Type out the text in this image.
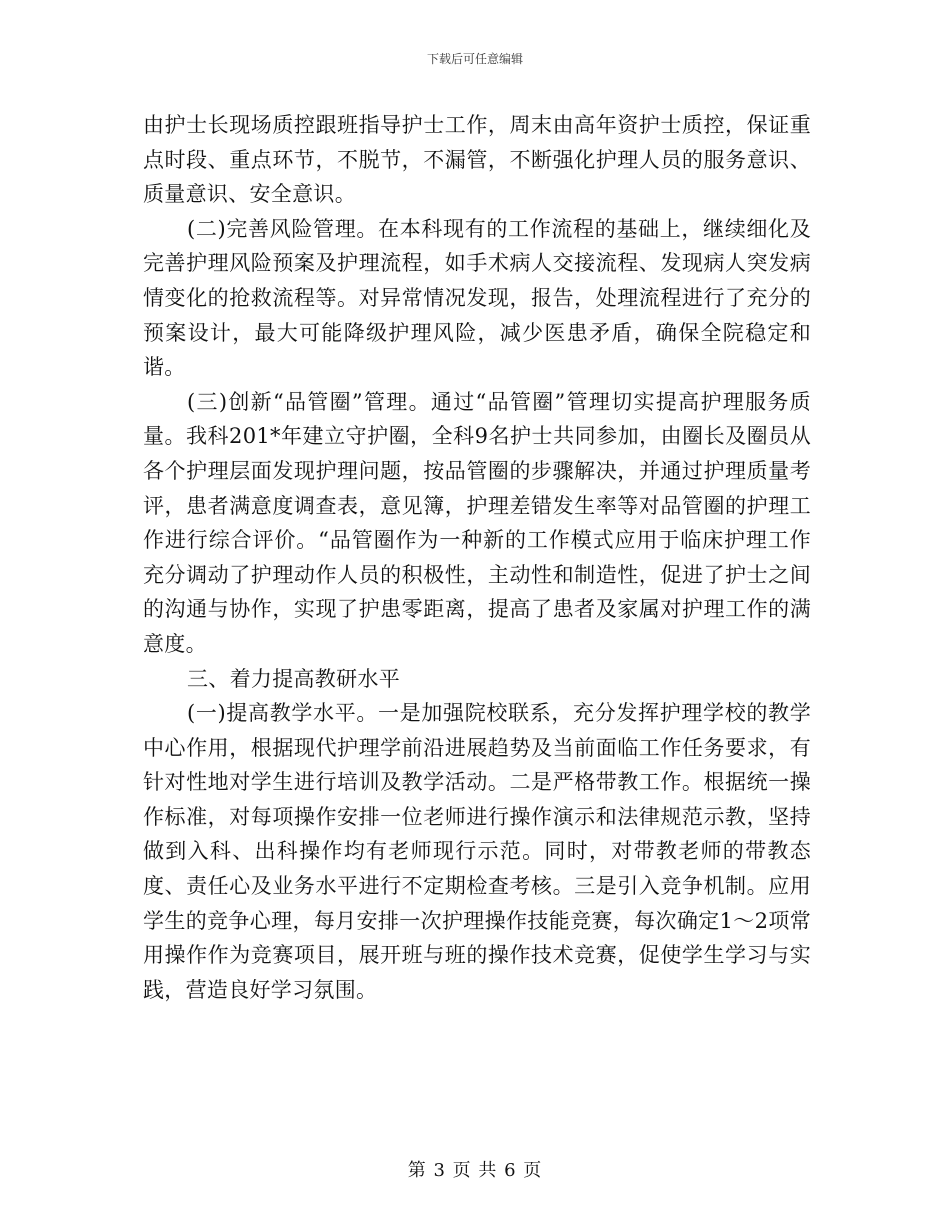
下载后可任意编辑

由护士长现场质控跟班指导护士工作，周末由高年资护士质控，保证重点时段、重点环节，不脱节，不漏管，不断强化护理人员的服务意识、质量意识、安全意识。

(二)完善风险管理。在本科现有的工作流程的基础上，继续细化及完善护理风险预案及护理流程，如手术病人交接流程、发现病人突发病情变化的抢救流程等。对异常情况发现，报告，处理流程进行了充分的预案设计，最大可能降级护理风险，减少医患矛盾，确保全院稳定和谐。

(三)创新“品管圈”管理。通过“品管圈”管理切实提高护理服务质量。我科201*年建立守护圈，全科9名护士共同参加，由圈长及圈员从各个护理层面发现护理问题，按品管圈的步骤解决，并通过护理质量考评，患者满意度调查表，意见簿，护理差错发生率等对品管圈的护理工作进行综合评价。“品管圈作为一种新的工作模式应用于临床护理工作充分调动了护理动作人员的积极性，主动性和制造性，促进了护士之间的沟通与协作，实现了护患零距离，提高了患者及家属对护理工作的满意度。

三、着力提高教研水平

(一)提高教学水平。一是加强院校联系，充分发挥护理学校的教学中心作用，根据现代护理学前沿进展趋势及当前面临工作任务要求，有针对性地对学生进行培训及教学活动。二是严格带教工作。根据统一操作标准，对每项操作安排一位老师进行操作演示和法律规范示教，坚持做到入科、出科操作均有老师现行示范。同时，对带教老师的带教态度、责任心及业务水平进行不定期检查考核。三是引入竞争机制。应用学生的竞争心理，每月安排一次护理操作技能竞赛，每次确定1～2项常用操作作为竞赛项目，展开班与班的操作技术竞赛，促使学生学习与实践，营造良好学习氛围。

第 3 页 共 6 页
